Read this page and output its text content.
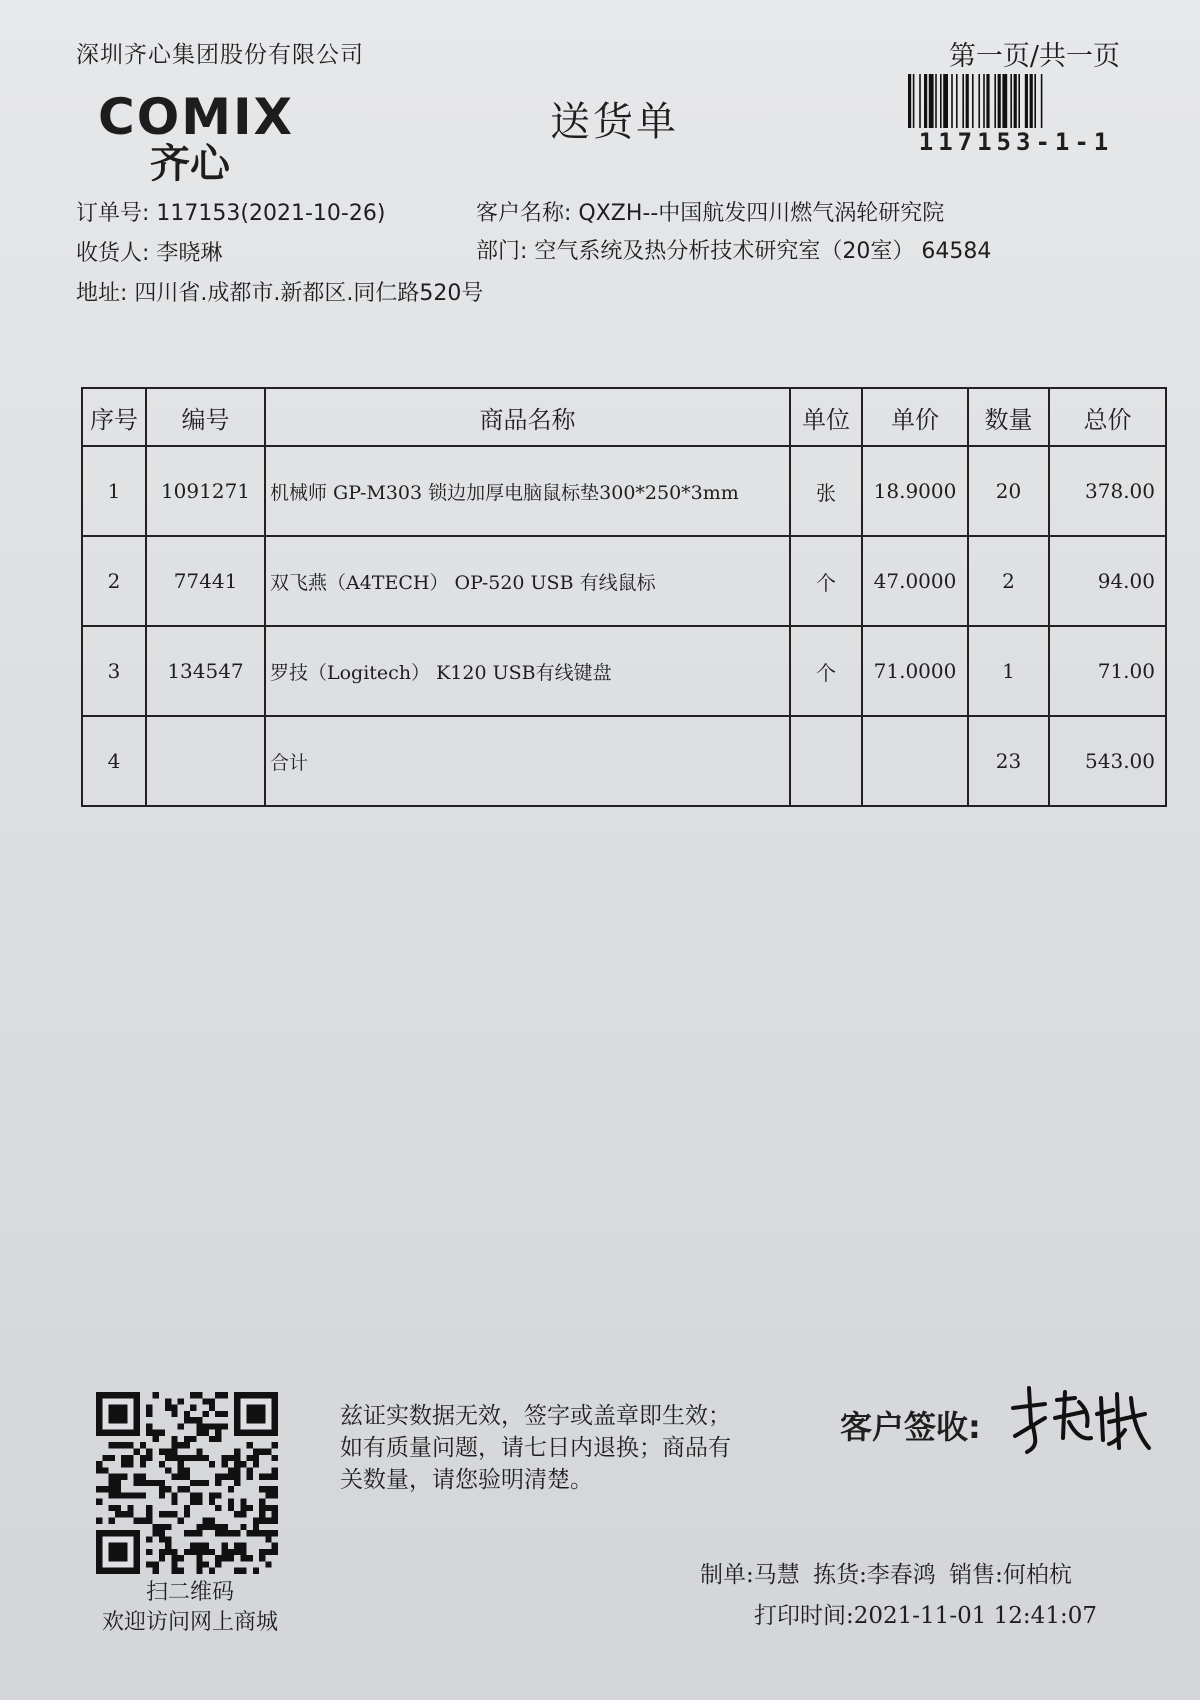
深圳齐心集团股份有限公司	第一页/共一页
117153-1-1
COMIX
齐心
送货单
订单号: 117153(2021-10-26)	客户名称: QXZH--中国航发四川燃气涡轮研究院
收货人: 李晓琳	部门: 空气系统及热分析技术研究室（20室） 64584
地址: 四川省.成都市.新都区.同仁路520号
序号	编号	商品名称	单位	单价	数量	总价
1	1091271	机械师 GP-M303 锁边加厚电脑鼠标垫300*250*3mm	张	18.9000	20	378.00
2	77441	双飞燕（A4TECH） OP-520 USB 有线鼠标	个	47.0000	2	94.00
3	134547	罗技（Logitech） K120 USB有线键盘	个	71.0000	1	71.00
4		合计			23	543.00
扫二维码
欢迎访问网上商城
兹证实数据无效，签字或盖章即生效；如有质量问题，请七日内退换；商品有关数量，请您验明清楚。
客户签收:
制单:马慧 拣货:李春鸿 销售:何柏杭
打印时间:2021-11-01 12:41:07
